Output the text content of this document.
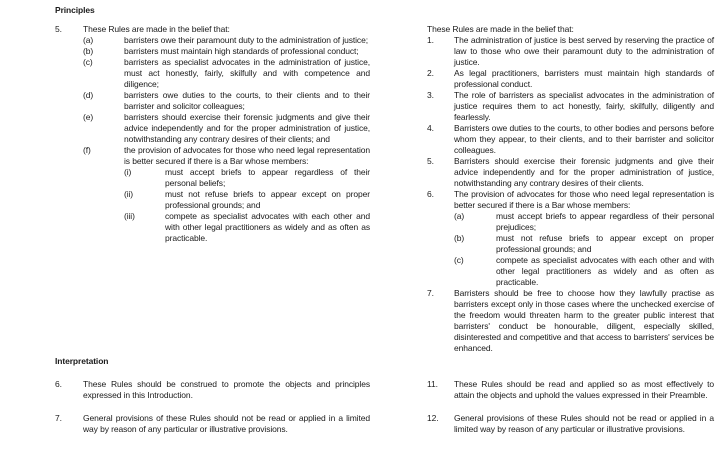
Principles
5.	These Rules are made in the belief that:
(a)	barristers owe their paramount duty to the administration of justice;
(b)	barristers must maintain high standards of professional conduct;
(c)	barristers as specialist advocates in the administration of justice, must act honestly, fairly, skilfully and with competence and diligence;
(d)	barristers owe duties to the courts, to their clients and to their barrister and solicitor colleagues;
(e)	barristers should exercise their forensic judgments and give their advice independently and for the proper administration of justice, notwithstanding any contrary desires of their clients; and
(f)	the provision of advocates for those who need legal representation is better secured if there is a Bar whose members:
(i)	must accept briefs to appear regardless of their personal beliefs;
(ii)	must not refuse briefs to appear except on proper professional grounds; and
(iii)	compete as specialist advocates with each other and with other legal practitioners as widely and as often as practicable.
Interpretation
6.	These Rules should be construed to promote the objects and principles expressed in this Introduction.
7.	General provisions of these Rules should not be read or applied in a limited way by reason of any particular or illustrative provisions.
These Rules are made in the belief that:
1.	The administration of justice is best served by reserving the practice of law to those who owe their paramount duty to the administration of justice.
2.	As legal practitioners, barristers must maintain high standards of professional conduct.
3.	The role of barristers as specialist advocates in the administration of justice requires them to act honestly, fairly, skilfully, diligently and fearlessly.
4.	Barristers owe duties to the courts, to other bodies and persons before whom they appear, to their clients, and to their barrister and solicitor colleagues.
5.	Barristers should exercise their forensic judgments and give their advice independently and for the proper administration of justice, notwithstanding any contrary desires of their clients.
6.	The provision of advocates for those who need legal representation is better secured if there is a Bar whose members:
(a)	must accept briefs to appear regardless of their personal prejudices;
(b)	must not refuse briefs to appear except on proper professional grounds; and
(c)	compete as specialist advocates with each other and with other legal practitioners as widely and as often as practicable.
7.	Barristers should be free to choose how they lawfully practise as barristers except only in those cases where the unchecked exercise of the freedom would threaten harm to the greater public interest that barristers' conduct be honourable, diligent, especially skilled, disinterested and competitive and that access to barristers' services be enhanced.
11.	These Rules should be read and applied so as most effectively to attain the objects and uphold the values expressed in their Preamble.
12.	General provisions of these Rules should not be read or applied in a limited way by reason of any particular or illustrative provisions.
